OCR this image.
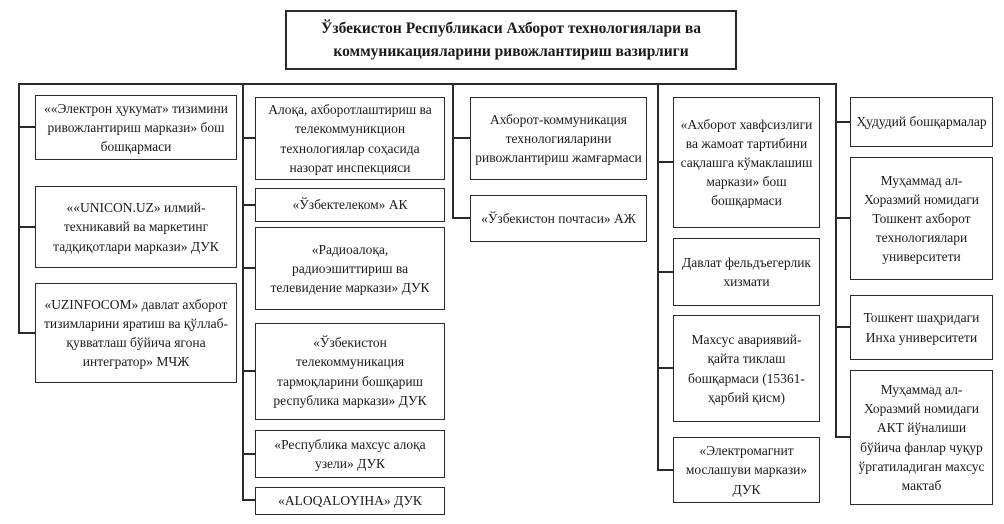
Ўзбекистон Республикаси Ахборот технологиялари ва коммуникацияларини ривожлантириш вазирлиги
««Электрон ҳукумат» тизимини ривожлантириш маркази» бош бошқармаси
««UNICON.UZ» илмий-техникавий ва маркетинг тадқиқотлари маркази» ДУК
«UZINFOCOM» давлат ахборот тизимларини яратиш ва қўллаб-қувватлаш бўйича ягона интегратор» МЧЖ
Алоқа, ахборотлаштириш ва телекоммуникцион технологиялар соҳасида назорат инспекцияси
«Ўзбектелеком» АК
«Радиоалоқа, радиоэшиттириш ва телевидение маркази» ДУК
«Ўзбекистон телекоммуникация тармоқларини бошқариш республика маркази» ДУК
«Республика махсус алоқа узели» ДУК
«ALOQALOYIHA» ДУК
Ахборот-коммуникация технологияларини ривожлантириш жамғармаси
«Ўзбекистон почтаси» АЖ
«Ахборот хавфсизлиги ва жамоат тартибини сақлашга кўмаклашиш маркази» бош бошқармаси
Давлат фельдъегерлик хизмати
Махсус авариявий-қайта тиклаш бошқармаси (15361-ҳарбий қисм)
«Электромагнит мослашуви маркази» ДУК
Ҳудудий бошқармалар
Муҳаммад ал-Хоразмий номидаги Тошкент ахборот технологиялари университети
Тошкент шаҳридаги Инха университети
Муҳаммад ал-Хоразмий номидаги АКТ йўналиши бўйича фанлар чуқур ўргатиладиган махсус мактаб
